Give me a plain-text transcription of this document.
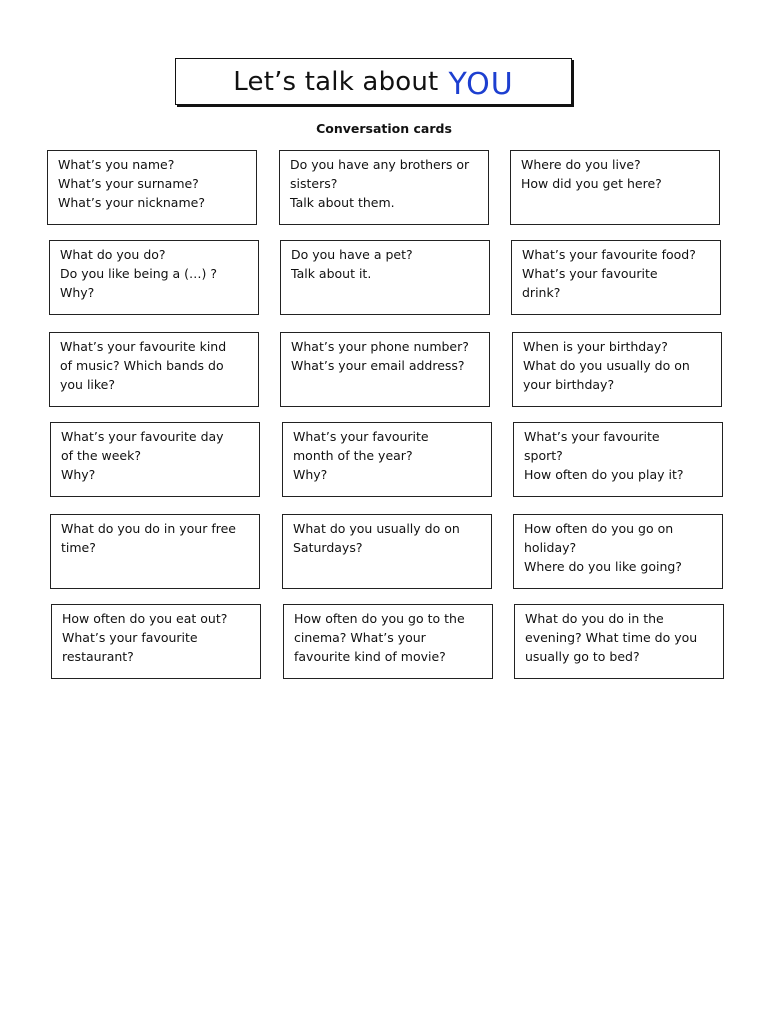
Let’s talk about YOU
Conversation cards
What’s you name?
What’s your surname?
What’s your nickname?
Do you have any brothers or
sisters?
Talk about them.
Where do you live?
How did you get here?
What do you do?
Do you like being a (…) ?
Why?
Do you have a pet?
Talk about it.
What’s your favourite food?
What’s your favourite
drink?
What’s your favourite kind
of music? Which bands do
you like?
What’s your phone number?
What’s your email address?
When is your birthday?
What do you usually do on
your birthday?
What’s your favourite day
of the week?
Why?
What’s your favourite
month of the year?
Why?
What’s your favourite
sport?
How often do you play it?
What do you do in your free
time?
What do you usually do on
Saturdays?
How often do you go on
holiday?
Where do you like going?
How often do you eat out?
What’s your favourite
restaurant?
How often do you go to the
cinema? What’s your
favourite kind of movie?
What do you do in the
evening? What time do you
usually go to bed?
